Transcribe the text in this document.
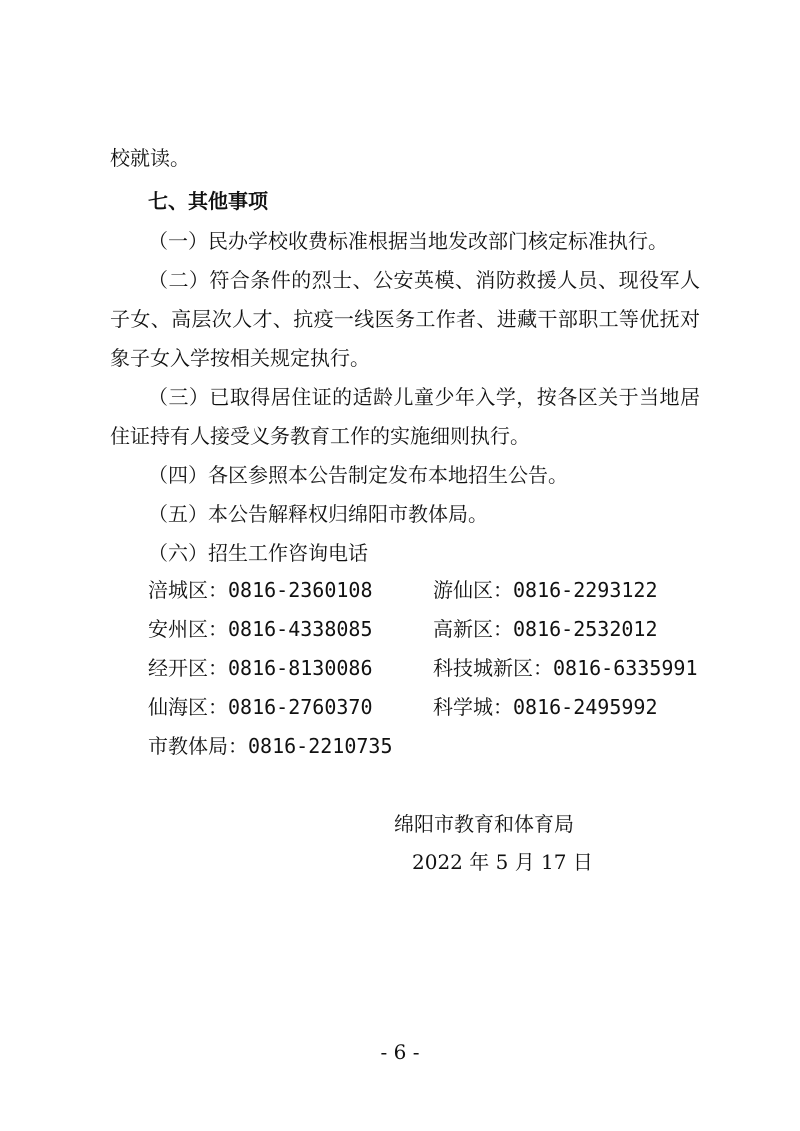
校就读。
七、其他事项
（一）民办学校收费标准根据当地发改部门核定标准执行。
（二）符合条件的烈士、公安英模、消防救援人员、现役军人
子女、高层次人才、抗疫一线医务工作者、进藏干部职工等优抚对
象子女入学按相关规定执行。
（三）已取得居住证的适龄儿童少年入学，按各区关于当地居
住证持有人接受义务教育工作的实施细则执行。
（四）各区参照本公告制定发布本地招生公告。
（五）本公告解释权归绵阳市教体局。
（六）招生工作咨询电话
涪城区：0816-2360108	游仙区：0816-2293122
安州区：0816-4338085	高新区：0816-2532012
经开区：0816-8130086	科技城新区：0816-6335991
仙海区：0816-2760370	科学城：0816-2495992
市教体局：0816-2210735
绵阳市教育和体育局
2022 年 5 月 17 日
- 6 -
